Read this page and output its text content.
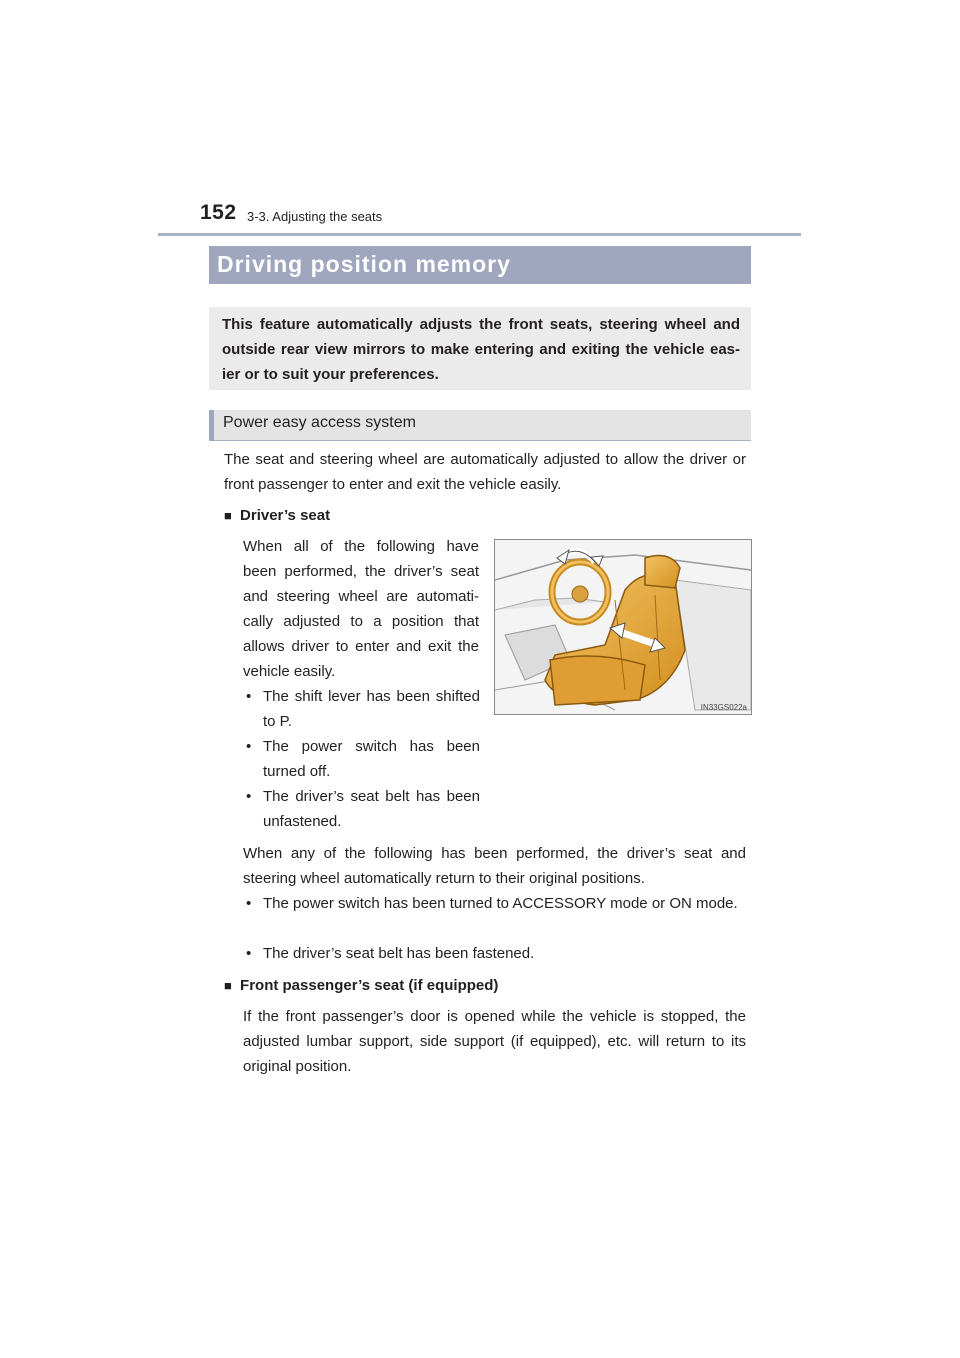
152 3-3. Adjusting the seats
Driving position memory
This feature automatically adjusts the front seats, steering wheel and outside rear view mirrors to make entering and exiting the vehicle eas-ier or to suit your preferences.
Power easy access system
The seat and steering wheel are automatically adjusted to allow the driver or front passenger to enter and exit the vehicle easily.
■ Driver’s seat
When all of the following have
been performed, the driver’s seat
and steering wheel are automati-
cally adjusted to a position that
allows driver to enter and exit the
vehicle easily.
• The shift lever has been shifted to P.
• The power switch has been turned off.
• The driver’s seat belt has been unfastened.
IN33GS022a
When any of the following has been performed, the driver’s seat and steering wheel automatically return to their original positions.
• The power switch has been turned to ACCESSORY mode or ON mode.
• The driver’s seat belt has been fastened.
■ Front passenger’s seat (if equipped)
If the front passenger’s door is opened while the vehicle is stopped, the adjusted lumbar support, side support (if equipped), etc. will return to its original position.
